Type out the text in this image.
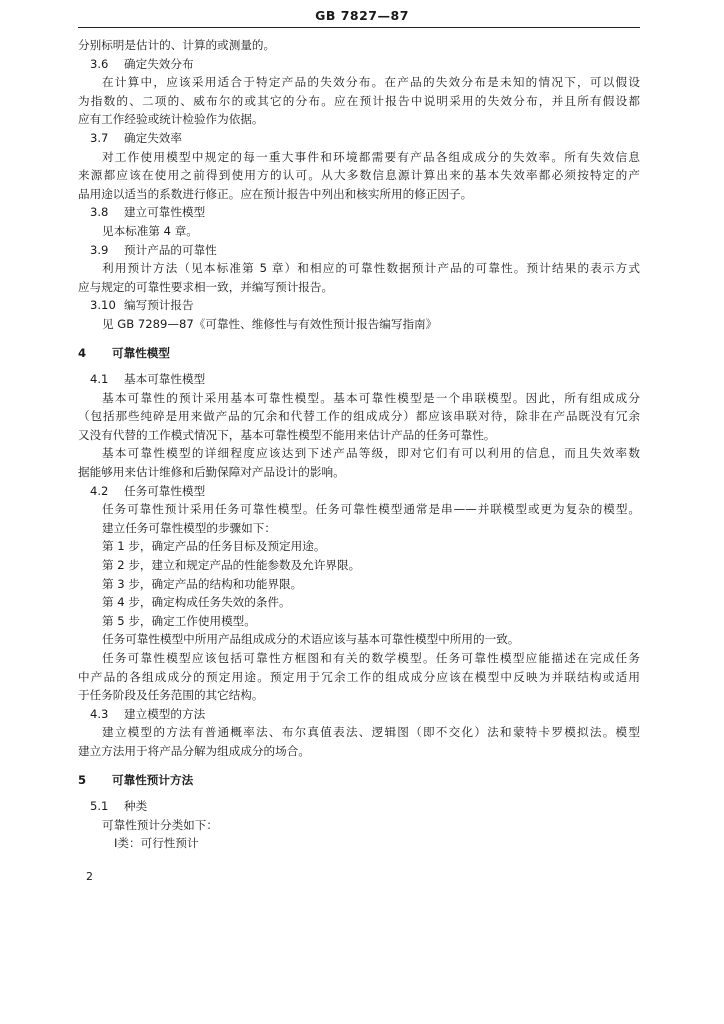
GB 7827—87
分别标明是估计的、计算的或测量的。
3.6 确定失效分布
在计算中，应该采用适合于特定产品的失效分布。在产品的失效分布是未知的情况下，可以假设
为指数的、二项的、威布尔的或其它的分布。应在预计报告中说明采用的失效分布，并且所有假设都
应有工作经验或统计检验作为依据。
3.7 确定失效率
对工作使用模型中规定的每一重大事件和环境都需要有产品各组成成分的失效率。所有失效信息
来源都应该在使用之前得到使用方的认可。从大多数信息源计算出来的基本失效率都必须按特定的产
品用途以适当的系数进行修正。应在预计报告中列出和核实所用的修正因子。
3.8 建立可靠性模型
见本标准第 4 章。
3.9 预计产品的可靠性
利用预计方法（见本标准第 5 章）和相应的可靠性数据预计产品的可靠性。预计结果的表示方式
应与规定的可靠性要求相一致，并编写预计报告。
3.10 编写预计报告
见 GB 7289—87《可靠性、维修性与有效性预计报告编写指南》
4 可靠性模型
4.1 基本可靠性模型
基本可靠性的预计采用基本可靠性模型。基本可靠性模型是一个串联模型。因此，所有组成成分
（包括那些纯碎是用来做产品的冗余和代替工作的组成成分）都应该串联对待，除非在产品既没有冗余
又没有代替的工作模式情况下，基本可靠性模型不能用来估计产品的任务可靠性。
基本可靠性模型的详细程度应该达到下述产品等级，即对它们有可以利用的信息，而且失效率数
据能够用来估计维修和后勤保障对产品设计的影响。
4.2 任务可靠性模型
任务可靠性预计采用任务可靠性模型。任务可靠性模型通常是串——并联模型或更为复杂的模型。
建立任务可靠性模型的步骤如下：
第 1 步，确定产品的任务目标及预定用途。
第 2 步，建立和规定产品的性能参数及允许界限。
第 3 步，确定产品的结构和功能界限。
第 4 步，确定构成任务失效的条件。
第 5 步，确定工作使用模型。
任务可靠性模型中所用产品组成成分的术语应该与基本可靠性模型中所用的一致。
任务可靠性模型应该包括可靠性方框图和有关的数学模型。任务可靠性模型应能描述在完成任务
中产品的各组成成分的预定用途。预定用于冗余工作的组成成分应该在模型中反映为并联结构或适用
于任务阶段及任务范围的其它结构。
4.3 建立模型的方法
建立模型的方法有普通概率法、布尔真值表法、逻辑图（即不交化）法和蒙特卡罗模拟法。模型
建立方法用于将产品分解为组成成分的场合。
5 可靠性预计方法
5.1 种类
可靠性预计分类如下：
Ⅰ类：可行性预计
2
